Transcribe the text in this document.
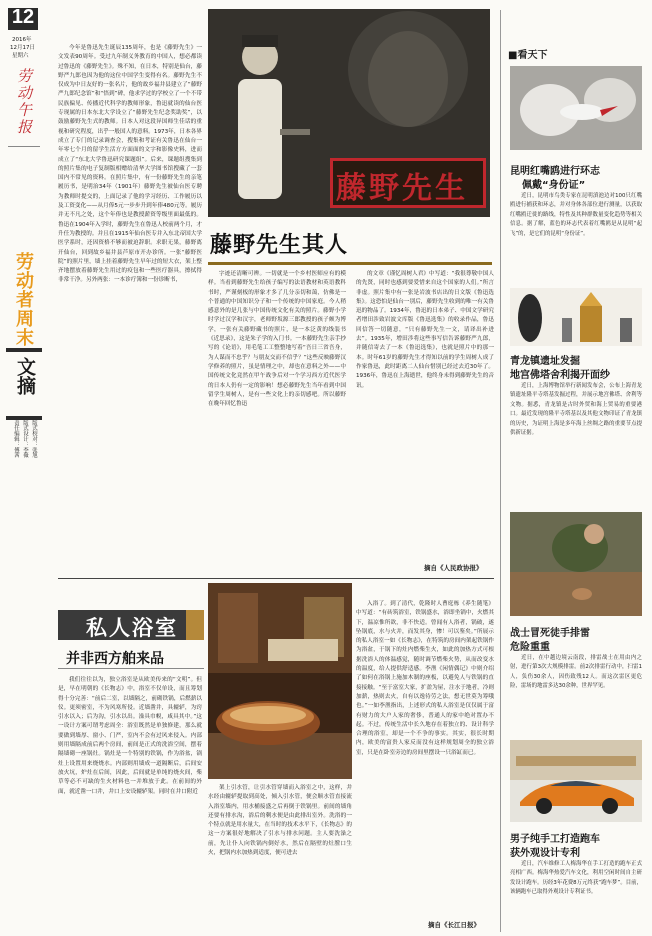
12
2016年
12月17日
星期六
劳动午报
劳动者周末
文摘
版式校对：张旭
版式设计：李薇
责任编辑：傅茜
今年是鲁迅先生诞辰135周年，也是《藤野先生》一文发表90周年。受过九年制义务教育的中国人，想必都读过鲁迅的《藤野先生》。殊不知，在日本，特别是仙台，藤野严九郎也因为他的这位中国学生变得有名。藤野先生不仅成为中日友好的一张名片，他的故乡福井县建立了“藤野严九郎纪念馆”和“悟到”碑，他求学过的学校立了一个不带民族偏见、传播近代科学的教师形象，鲁迅就读的仙台医专现属的日本东北大学设立了“藤野先生纪念奖助奖”，以鼓励藤野先生式的教师。日本人对这段异国师生佳话的重视和研究程度，出乎一般国人的意料。1973年，日本各界成立了专门的记录调查会，搜集和考证有关鲁迅在仙台一年零七个月的留学生活方方面面的文字和影像史料，进而成立了“东北大学鲁迅研究课题组”。后来，课题组搜集到的照片集的电子复制版相赠给清华大学图书馆搜藏了一套国内不常见的资料。在照片集中，有一份藤野先生的亲笔履历书，是明治34年（1901年）藤野先生被仙台医专聘为教师时提交的，上面记录了他的学习经历、工作履历以及工资变化——从月俸5元一步步升到年俸480元等。履历并无不凡之处，这个年俸也是教授薪资等级里面最低的。鲁迅在1904年入学时，藤野先生在鲁迅人校前两个月，才升任为教授的。并且在1915年仙台医专并入东北帝国大学医学系时，还因资格不够而被迫辞职。求职无果，藤野离开仙台，回到故乡福井县芦原市开办诊所。一张“藤野医院”的照片里，墙上挂着藤野先生早年过的短大衣，架上整齐地摆放着藤野先生用过的疫包和一些医疗器具，擦拭得非常干净。另外两张：一本诊疗簿和一份诊断书，
藤野先生
藤野先生其人
字迹还清晰可辨。一切就是一个乡村医师应有的模样。当看到藤野先生给孩子编写的法语教材和英语教科书时，严谨刻板的形象才多了几分亲切和蔼，仿佛是一个普通的中国知识分子和一个传统的中国家庭。今人稍感意外的是几张与中国传统文化有关的照片。藤野小学时学过汉学和汉字，老师野坂源三郎教授的孩子颇为博学，一张有关藤野藏书的照片，是一本泛黄的线装书《近思录》，这是朱子学的入门书。一本藤野先生亲手抄写的《论语》，用毛笔工工整整地写着“吾日三省吾身，为人谋而不忠乎？与朋友交而不信乎？”这些反映藤野汉学修养的照片，虽是情理之中，却也在意料之外——中国传统文化竟然在甲午战争后对一个学习西方近代医学的日本人仍有一定的影响！想必藤野先生当年看到中国留学生周树人，是有一些文化上的亲切感吧。所以藤野在晚年回忆鲁迅
的文章《谨忆周树人君》中写道：“我很尊敬中国人的先贤，同时也感到要爱惜来自这个国家的人们。”所言非虚。照片集中有一张是岩波书店出的日文版《鲁迅选集》。这恐怕是仙台一别后，藤野先生收到的唯一有关鲁迅的物品了。1934年，鲁迅的日本弟子、中国文学研究者增田涉致岩波文库版《鲁迅选集》的收录作品，鲁迅回信答一切随意，“只有藤野先生一文，请译出补进去”。1935年，增田涉将这些事写信告诉藤野严九郎，并随信寄去了一本《鲁迅选集》，也就是照片中的那一本。时年61岁的藤野先生才得知以前的学生周树人成了作家鲁迅，此时距离二人仙台惜别已经过去近30年了。1936年，鲁迅在上海逝世，他终身未得到藤野先生的音讯。
摘自《人民政协报》
私人浴室
并非西方舶来品
我们往往以为，独立浴室是从欧美传来的“文明”。但是，早在明朝的《长物志》中，浴室不仅单设，而且筹划得十分完善：“前后二室，以墙隔之，前砌铁锅，后燃薪以仪。更须密室，不为风寒所侵。近墙凿井，具辘轳，为窍引水以入；后为沟，引水以出。澡具巾帨，咸具其中。”这一设计方案可谓考虑周全：浴室既然是单独修建，那么就要做到墙厚、窗小、门严，室内不会有过风来侵入。内部则用墙隔成前后两个房间，前间是正式的洗浴空间，摆着隔墙砌一座锅灶。锅灶是一个特别的铁锅，作为浴盆，锅灶上设置用来烧烧水。内部则用墙成一道隔断后，后间安放火坑，炉灶在后间，因此，后间就是单纯的烧火间，柴草等必不可缺的生火材料也一并堆放于此。在前间的外面，就近凿一口井，井口上安设辘轳架。同时在井口附近
架上引水管，让引水管穿墙而入浴室之中，这样，井水经由辘轳提取到高处，倾入引水管，便会顺水管直接流入浴室墙内，用水桶接盛之后再倒于铁锅里。前间的墙角还要有排水沟，浴后的剩水便是由此排出室外。洗浴的一个特点就是用水量大，在当时的技术水平下，《长物志》的这一方案很好地解决了引水与排水问题。主人要洗澡之前，先让仆人向铁锅内倒好水，然后在隔壁的灶膛口生火，把锅内水加热到适度，便可进去
入浴了。到了清代，乾隆时人曹庭栋《养生随笔》中写道：“有砖筑浴室，铁锅盛水，浴即坐锅中，火燃其下，温凉惟所欲，非不快适。曾闻有人浴者，锅破，遂坠锅底，水与火并，而发其身，惨！可以鉴矣。”所展示的私人浴室一如《长物志》，在特筑的房间内架起铁锅作为浴盆，于锅下的灶内燃柴生火，如此的加热方式可根据洗浴人的体温感觉，随时调节燃柴火势，从而改变水的温度，给人提供舒适感。李渔《闲情偶记》中则介绍了如何在浴锅上施加木制的座板，以避免人与铁锅的直接接触。“至于富室大家，扩盈为屋，注水于地者，冷则加薪，热则去火，自有以逸待劳之法，想无世莫为筹哦也。”一如李渔指出，上述形式的私人浴室是仅仅属于富有财力的大户人家的奢侈，普通人的家中绝对置办不起。不过，传统生活中长久地存在着独立的、设计科学合理的浴室，却是一个不争的事实。其实，很长时期内，欧美的富贵人家反而没有这样规划周全的独立浴室，只是在卧室旁边的房间里摆设一只浴缸而已。
摘自《长江日报》
■看天下
昆明红嘴鸥进行环志
佩戴“身份证”
近日，昆明市鸟类专家在昆明滇池边对100只红嘴鸥进行捕获和环志，并对身体各部位进行测量，以获取红嘴鸥迁徙的路线，特性及其种群数量变化趋势等相关信息。据了解，蓝色的环志代表着红嘴鸥是从昆明“起飞”的，是它们的昆明“身份证”。
青龙镇遗址发掘
地宫佛塔舍利揭开面纱
近日，上海博物馆举行新闻发布会，公布上海青龙镇遗址隆平寺塔基发掘过程，并展示地宫佛塔、舍利等文物。据悉，青龙镇是古时外贸和海上贸易的重要港口。最近发现的隆平寺塔基以及其他文物印证了青龙镇的历史，为证明上海是多年海上丝绸之路的重要节点提供新证据。
战士冒死徒手排雷
危险重重
近日，在中越边境云南段，排雷战士在用由内之射，进行第3次大规模排雷。前2次排雷行动中，扫雷1人，负伤30余人，因伤致残12人。而这次雷区更危险，雷场的地雷多达30余种，世界罕见。
男子纯手工打造跑车
获外观设计专利
近日，汽车维修工人梅海华在手工打造的跑车正式亮相广西。梅海华热爱汽车文化，利用空闲时间自主研发设计跑车。历经3年花费8万元终获“跑车梦”。目前，该辆跑车已取得外观设计专利证书。
